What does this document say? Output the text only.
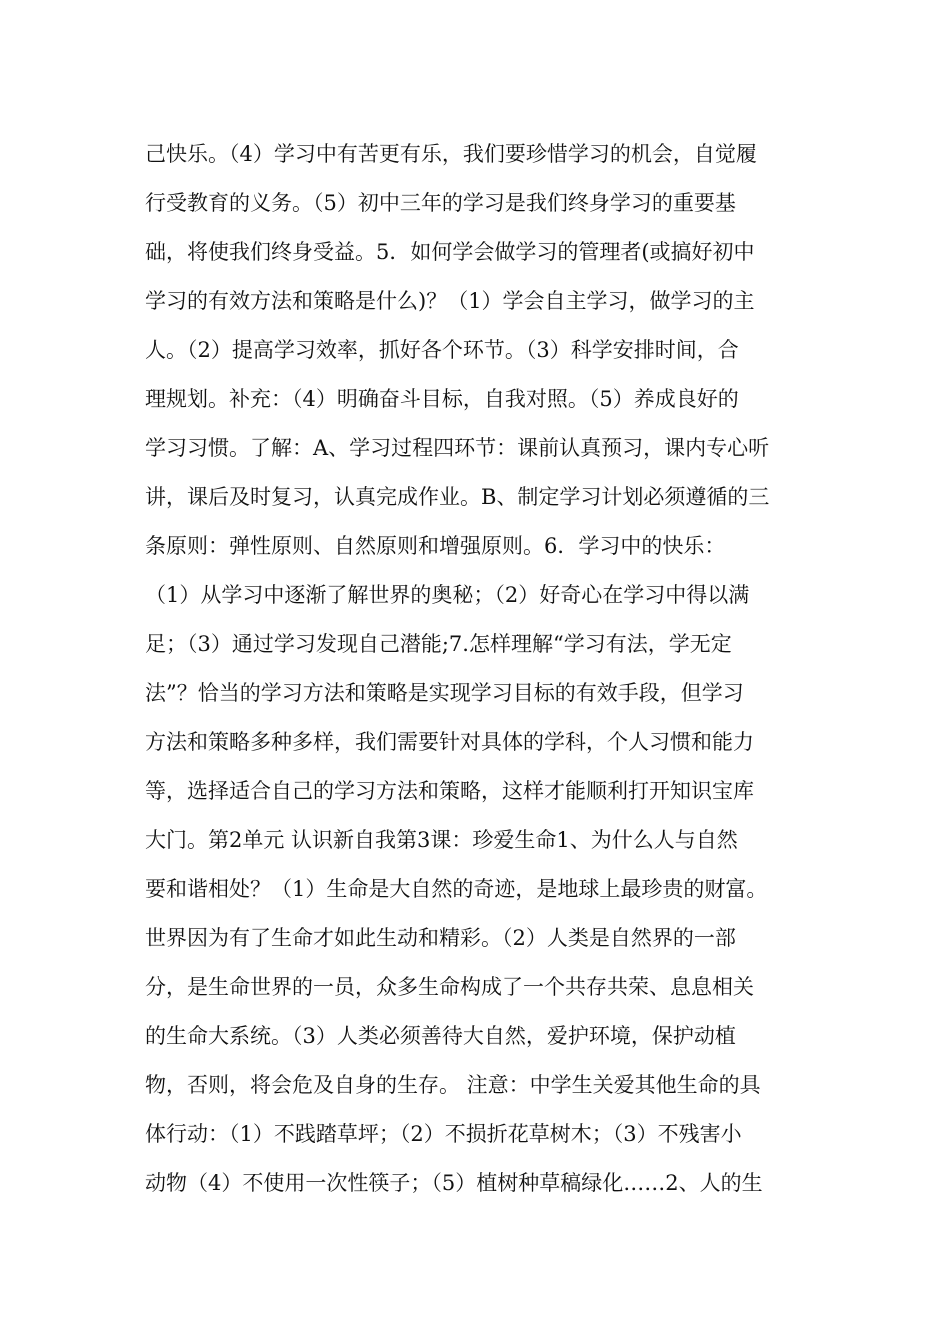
己快乐。（4）学习中有苦更有乐，我们要珍惜学习的机会，自觉履
行受教育的义务。（5）初中三年的学习是我们终身学习的重要基
础，将使我们终身受益。5．如何学会做学习的管理者(或搞好初中
学习的有效方法和策略是什么)？（1）学会自主学习，做学习的主
人。（2）提高学习效率，抓好各个环节。（3）科学安排时间，合
理规划。补充：（4）明确奋斗目标，自我对照。（5）养成良好的
学习习惯。了解：A、学习过程四环节：课前认真预习，课内专心听
讲，课后及时复习，认真完成作业。B、制定学习计划必须遵循的三
条原则：弹性原则、自然原则和增强原则。6．学习中的快乐：
（1）从学习中逐渐了解世界的奥秘；（2）好奇心在学习中得以满
足；（3）通过学习发现自己潜能;7.怎样理解“学习有法，学无定
法”？恰当的学习方法和策略是实现学习目标的有效手段，但学习
方法和策略多种多样，我们需要针对具体的学科，个人习惯和能力
等，选择适合自己的学习方法和策略，这样才能顺利打开知识宝库
大门。第2单元 认识新自我第3课：珍爱生命1、为什么人与自然
要和谐相处？（1）生命是大自然的奇迹，是地球上最珍贵的财富。
世界因为有了生命才如此生动和精彩。（2）人类是自然界的一部
分，是生命世界的一员，众多生命构成了一个共存共荣、息息相关
的生命大系统。（3）人类必须善待大自然，爱护环境，保护动植
物，否则，将会危及自身的生存。 注意：中学生关爱其他生命的具
体行动：（1）不践踏草坪；（2）不损折花草树木；（3）不残害小
动物（4）不使用一次性筷子；（5）植树种草稿绿化……2、人的生
